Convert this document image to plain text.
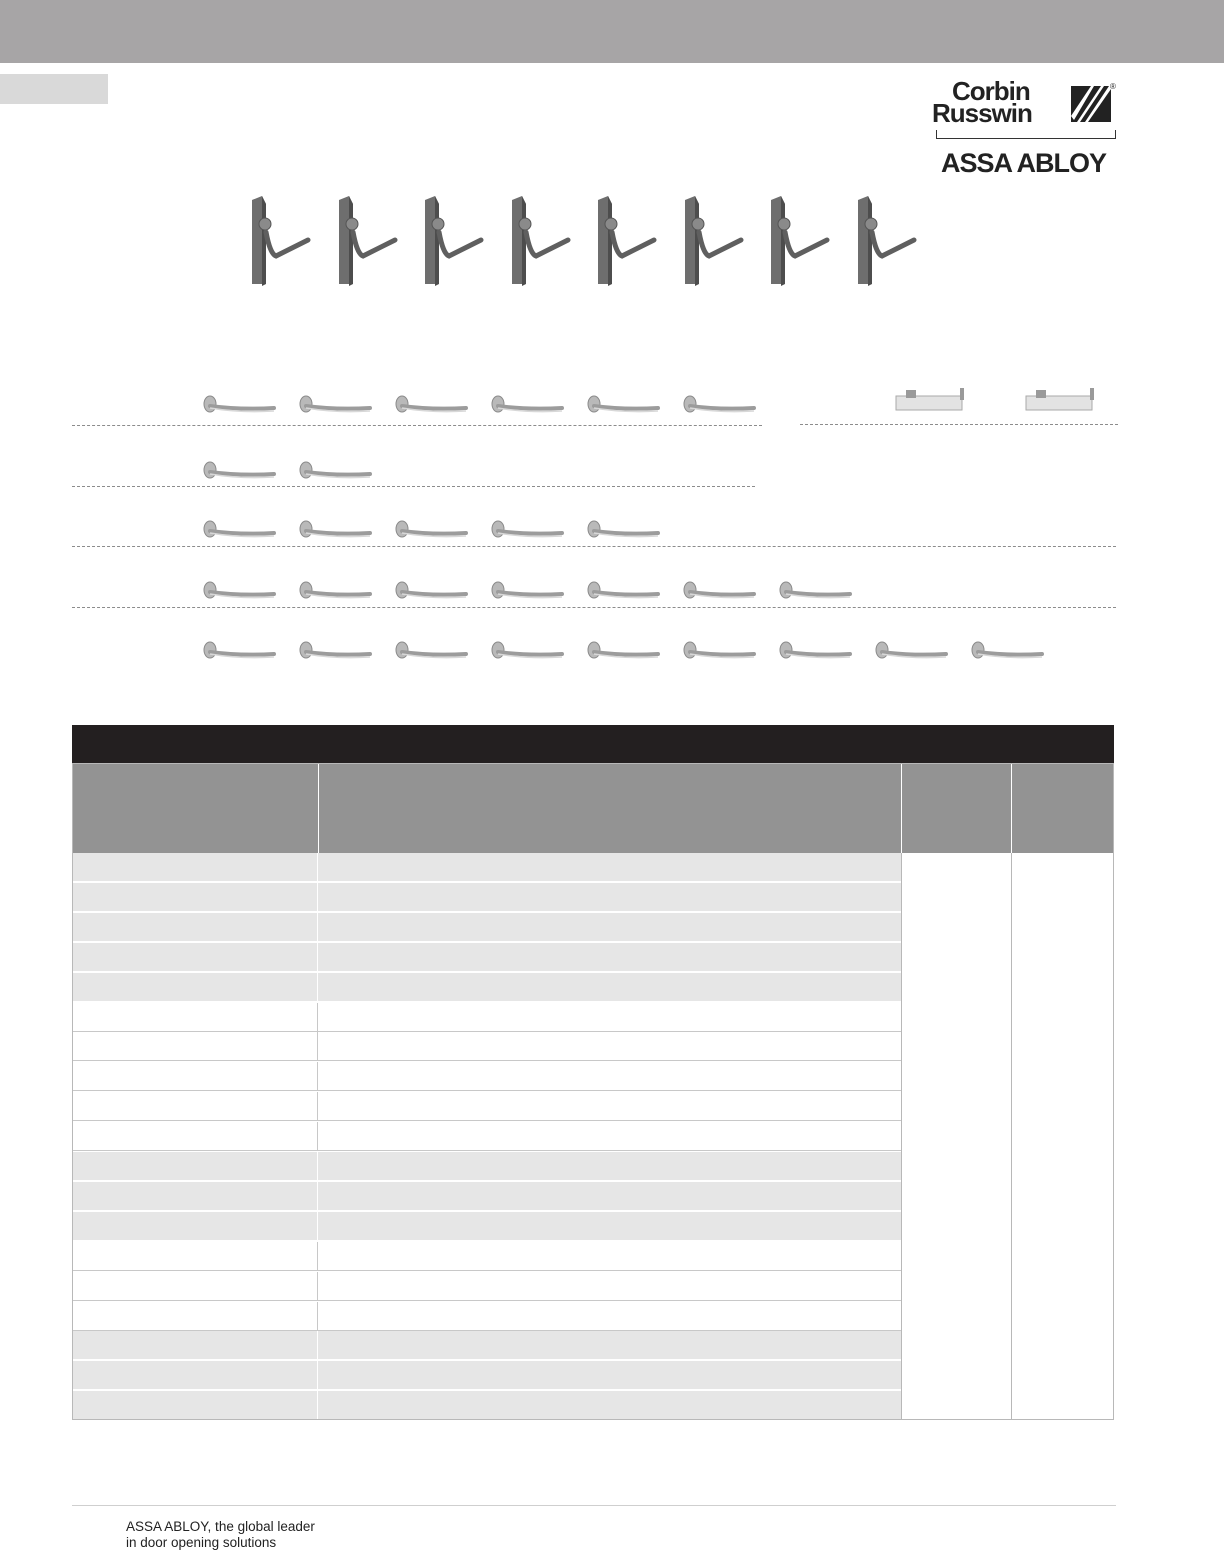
Corbin
Russwin
®
ASSA ABLOY
ASSA ABLOY, the global leader
in door opening solutions
